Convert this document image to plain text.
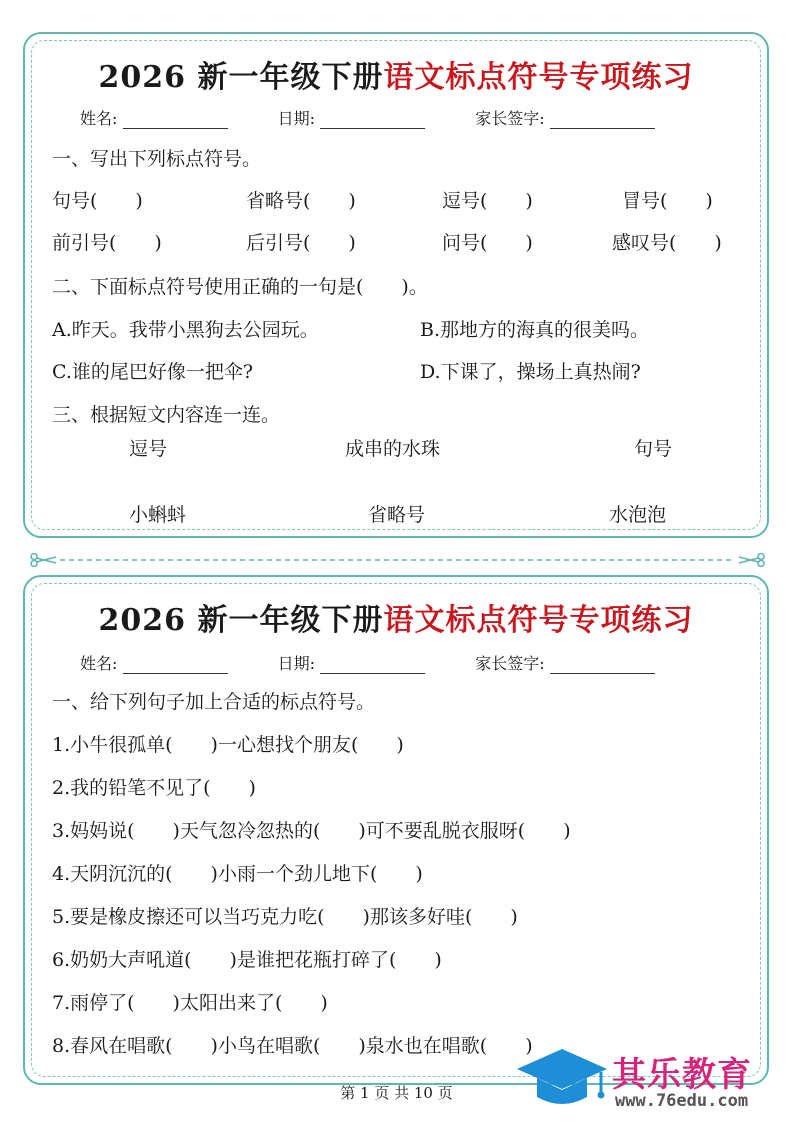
2026 新一年级下册语文标点符号专项练习
姓名:	日期:	家长签字:
一、写出下列标点符号。
句号(　　)	省略号(　　)	逗号(　　)	冒号(　　)
前引号(　　)	后引号(　　)	问号(　　)	感叹号(　　)
二、下面标点符号使用正确的一句是(　　)。
A.昨天。我带小黑狗去公园玩。	B.那地方的海真的很美吗。
C.谁的尾巴好像一把伞?	D.下课了，操场上真热闹?
三、根据短文内容连一连。
逗号	成串的水珠	句号
小蝌蚪	省略号	水泡泡
2026 新一年级下册语文标点符号专项练习
姓名:	日期:	家长签字:
一、给下列句子加上合适的标点符号。
1.小牛很孤单(　　)一心想找个朋友(　　)
2.我的铅笔不见了(　　)
3.妈妈说(　　)天气忽冷忽热的(　　)可不要乱脱衣服呀(　　)
4.天阴沉沉的(　　)小雨一个劲儿地下(　　)
5.要是橡皮擦还可以当巧克力吃(　　)那该多好哇(　　)
6.奶奶大声吼道(　　)是谁把花瓶打碎了(　　)
7.雨停了(　　)太阳出来了(　　)
8.春风在唱歌(　　)小鸟在唱歌(　　)泉水也在唱歌(　　)
第 1 页 共 10 页	其乐教育
www.76edu.com
